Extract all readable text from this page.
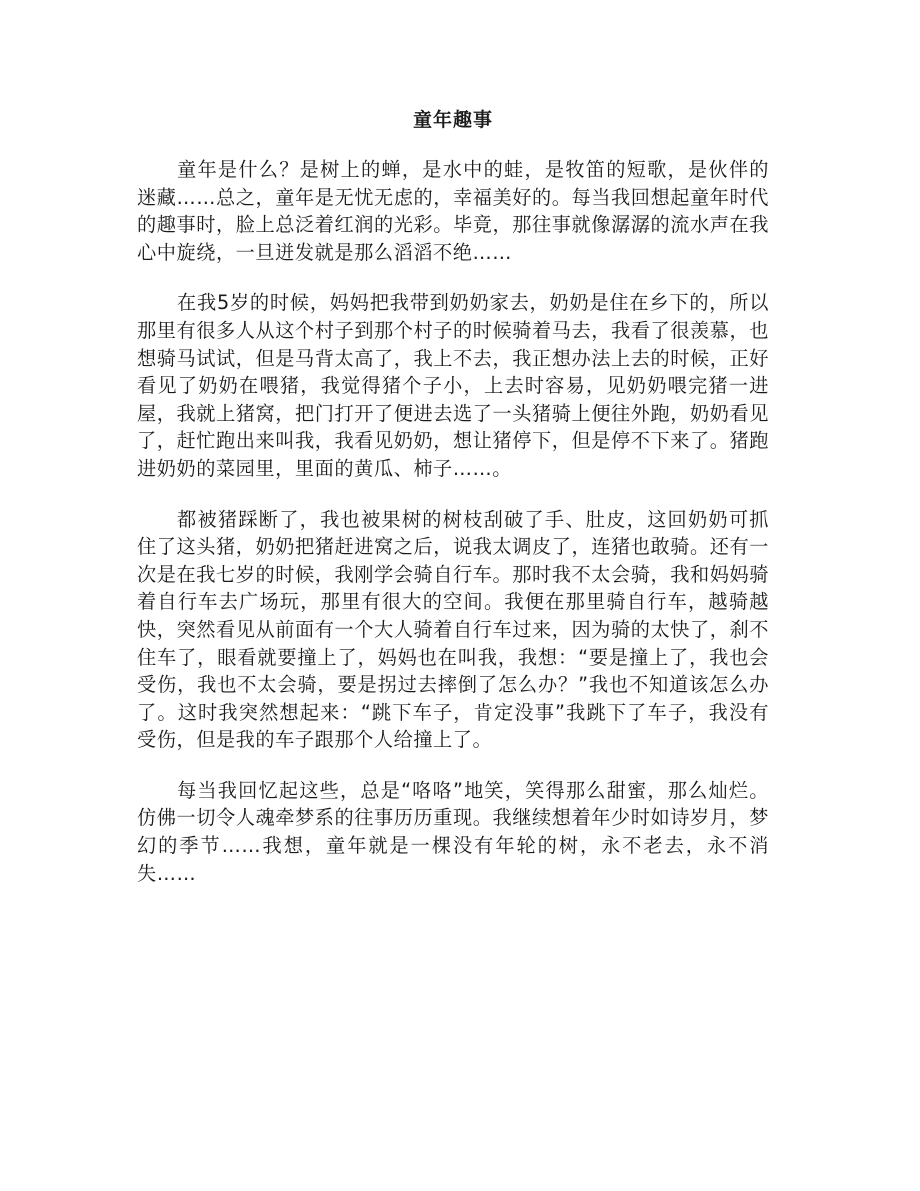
童年趣事

童年是什么？是树上的蝉，是水中的蛙，是牧笛的短歌，是伙伴的迷藏……总之，童年是无忧无虑的，幸福美好的。每当我回想起童年时代的趣事时，脸上总泛着红润的光彩。毕竟，那往事就像潺潺的流水声在我心中旋绕，一旦迸发就是那么滔滔不绝……

在我5岁的时候，妈妈把我带到奶奶家去，奶奶是住在乡下的，所以那里有很多人从这个村子到那个村子的时候骑着马去，我看了很羡慕，也想骑马试试，但是马背太高了，我上不去，我正想办法上去的时候，正好看见了奶奶在喂猪，我觉得猪个子小，上去时容易，见奶奶喂完猪一进屋，我就上猪窝，把门打开了便进去选了一头猪骑上便往外跑，奶奶看见了，赶忙跑出来叫我，我看见奶奶，想让猪停下，但是停不下来了。猪跑进奶奶的菜园里，里面的黄瓜、柿子……。

都被猪踩断了，我也被果树的树枝刮破了手、肚皮，这回奶奶可抓住了这头猪，奶奶把猪赶进窝之后，说我太调皮了，连猪也敢骑。还有一次是在我七岁的时候，我刚学会骑自行车。那时我不太会骑，我和妈妈骑着自行车去广场玩，那里有很大的空间。我便在那里骑自行车，越骑越快，突然看见从前面有一个大人骑着自行车过来，因为骑的太快了，刹不住车了，眼看就要撞上了，妈妈也在叫我，我想：“要是撞上了，我也会受伤，我也不太会骑，要是拐过去摔倒了怎么办？”我也不知道该怎么办了。这时我突然想起来：“跳下车子，肯定没事”我跳下了车子，我没有受伤，但是我的车子跟那个人给撞上了。

每当我回忆起这些，总是“咯咯”地笑，笑得那么甜蜜，那么灿烂。仿佛一切令人魂牵梦系的往事历历重现。我继续想着年少时如诗岁月，梦幻的季节……我想，童年就是一棵没有年轮的树，永不老去，永不消失……
